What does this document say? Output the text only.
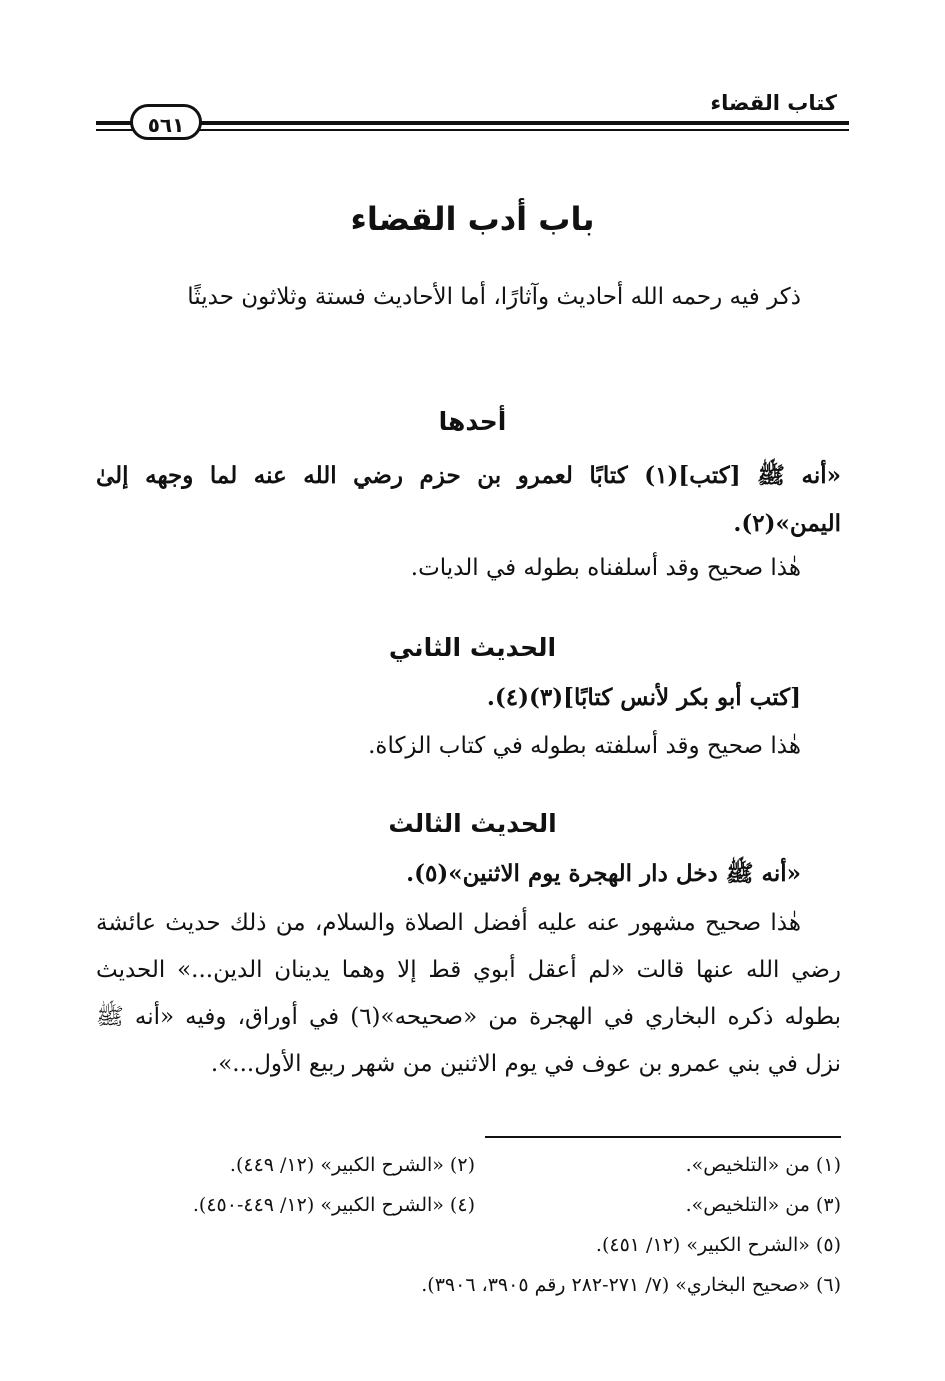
كتاب القضاء
٥٦١
باب أدب القضاء

ذكر فيه رحمه الله أحاديث وآثارًا، أما الأحاديث فستة وثلاثون حديثًا

أحدها

«أنه ﷺ [كتب](١) كتابًا لعمرو بن حزم رضي الله عنه لما وجهه إلىٰ اليمن»(٢).

هٰذا صحيح وقد أسلفناه بطوله في الديات.

الحديث الثاني

[كتب أبو بكر لأنس كتابًا](٣)(٤).

هٰذا صحيح وقد أسلفته بطوله في كتاب الزكاة.

الحديث الثالث

«أنه ﷺ دخل دار الهجرة يوم الاثنين»(٥).

هٰذا صحيح مشهور عنه عليه أفضل الصلاة والسلام، من ذلك حديث عائشة رضي الله عنها قالت «لم أعقل أبوي قط إلا وهما يدينان الدين...» الحديث بطوله ذكره البخاري في الهجرة من «صحيحه»(٦) في أوراق، وفيه «أنه ﷺ نزل في بني عمرو بن عوف في يوم الاثنين من شهر ربيع الأول...».

(١) من «التلخيص».

(٢) «الشرح الكبير» (١٢/ ٤٤٩).

(٣) من «التلخيص».

(٤) «الشرح الكبير» (١٢/ ٤٤٩-٤٥٠).

(٥) «الشرح الكبير» (١٢/ ٤٥١).

(٦) «صحيح البخاري» (٧/ ٢٧١-٢٨٢ رقم ٣٩٠٥، ٣٩٠٦).
